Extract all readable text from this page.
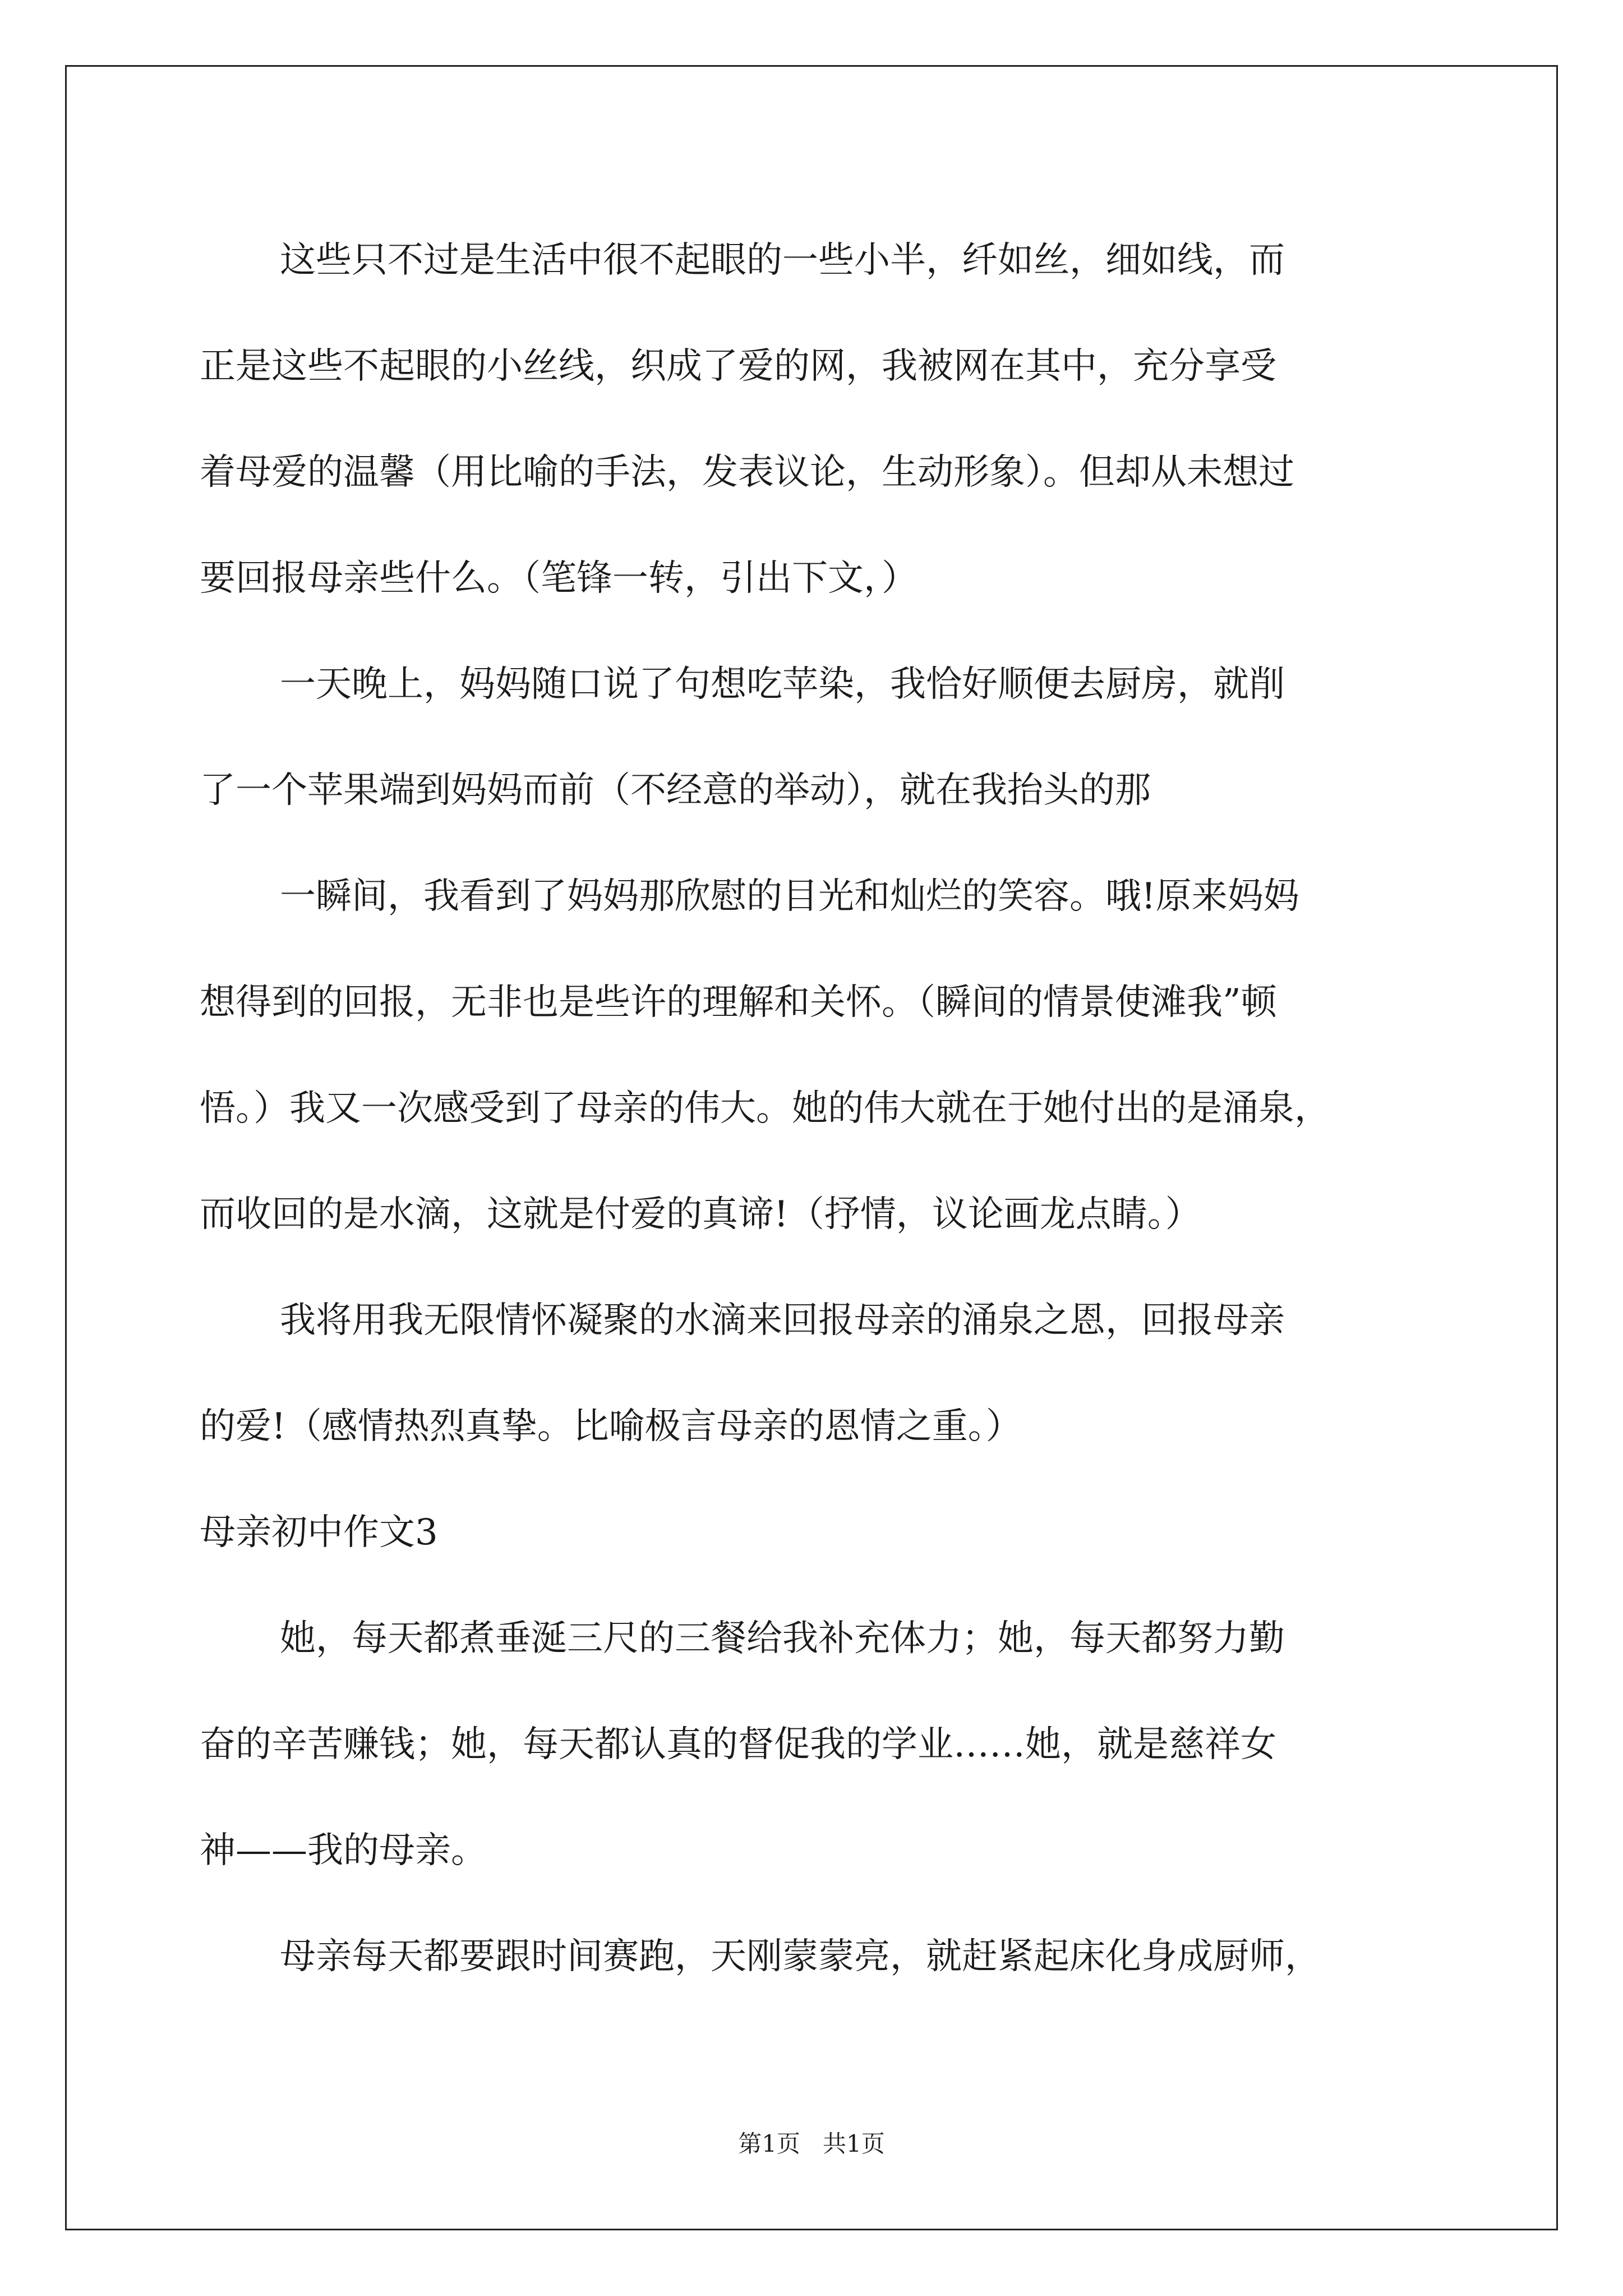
这些只不过是生活中很不起眼的一些小半，纤如丝，细如线，而
正是这些不起眼的小丝线，织成了爱的网，我被网在其中，充分享受
着母爱的温馨（用比喻的手法，发表议论，生动形象）。但却从未想过
要回报母亲些什么。（笔锋一转，引出下文，）
一天晚上，妈妈随口说了句想吃苹染，我恰好顺便去厨房，就削
了一个苹果端到妈妈而前（不经意的举动），就在我抬头的那
一瞬间，我看到了妈妈那欣慰的目光和灿烂的笑容。哦!原来妈妈
想得到的回报，无非也是些许的理解和关怀。（瞬间的情景使滩我”顿
悟。）我又一次感受到了母亲的伟大。她的伟大就在于她付出的是涌泉，
而收回的是水滴，这就是付爱的真谛!（抒情，议论画龙点睛。）
我将用我无限情怀凝聚的水滴来回报母亲的涌泉之恩，回报母亲
的爱!（感情热烈真挚。比喻极言母亲的恩情之重。）
母亲初中作文3
她，每天都煮垂涎三尺的三餐给我补充体力；她，每天都努力勤
奋的辛苦赚钱；她，每天都认真的督促我的学业……她，就是慈祥女
神——我的母亲。
母亲每天都要跟时间赛跑，天刚蒙蒙亮，就赶紧起床化身成厨师，
第1页 共1页
